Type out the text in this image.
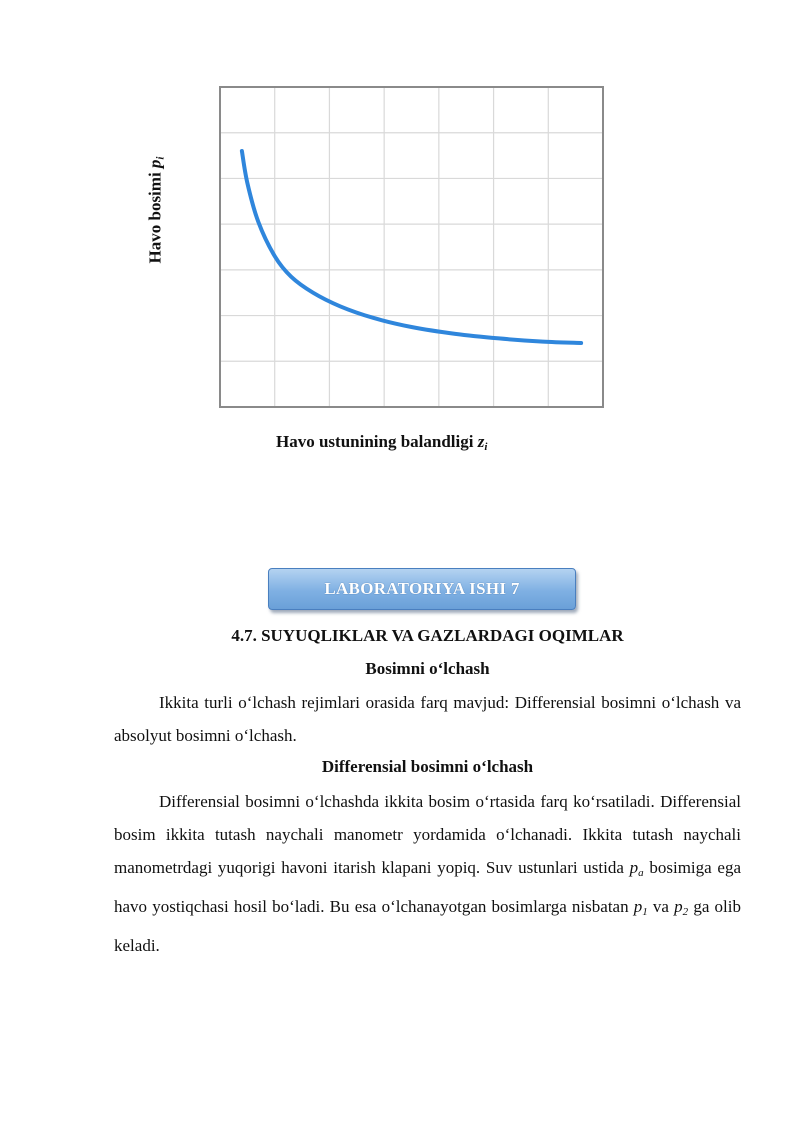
Havo bosimi $p_i$
Havo ustunining balandligi $z_i$
LABORATORIYA ISHI 7
4.7. SUYUQLIKLAR VA GAZLARDAGI OQIMLAR
Bosimni o‘lchash

Ikkita turli o‘lchash rejimlari orasida farq mavjud: Differensial bosimni o‘lchash va absolyut bosimni o‘lchash.

Differensial bosimni o‘lchash

Differensial bosimni o‘lchashda ikkita bosim o‘rtasida farq ko‘rsatiladi. Differensial bosim ikkita tutash naychali manometr yordamida o‘lchanadi. Ikkita tutash naychali manometrdagi yuqorigi havoni itarish klapani yopiq. Suv ustunlari ustida $p_a$ bosimiga ega havo yostiqchasi hosil bo‘ladi. Bu esa o‘lchanayotgan bosimlarga nisbatan $p_1$ va $p_2$ ga olib keladi.
